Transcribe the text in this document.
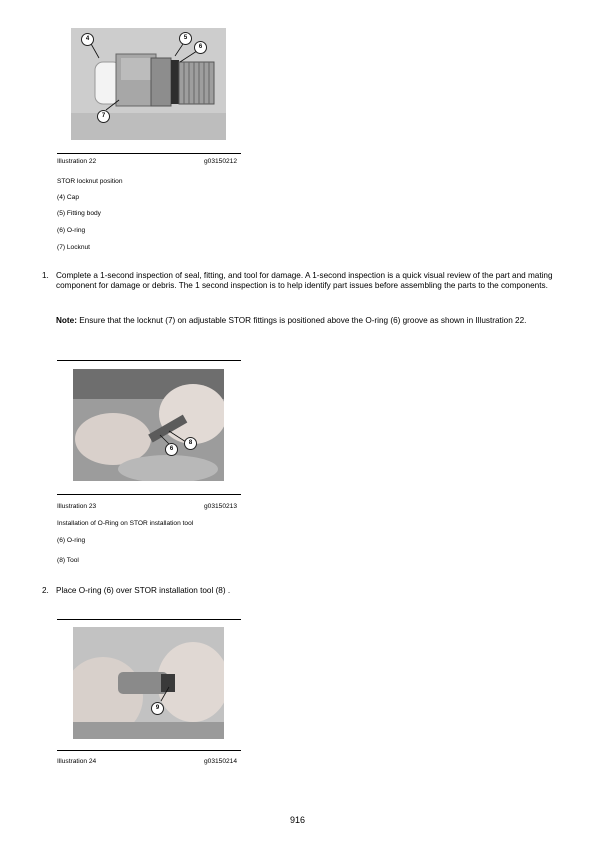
4	5
6
7
Illustration 22	g03150212
STOR locknut position
(4) Cap
(5) Fitting body
(6) O-ring
(7) Locknut
1. Complete a 1-second inspection of seal, fitting, and tool for damage. A 1-second inspection is a quick visual review of the part and mating component for damage or debris. The 1 second inspection is to help identify part issues before assembling the parts to the components.
Note: Ensure that the locknut (7) on adjustable STOR fittings is positioned above the O-ring (6) groove as shown in Illustration 22.
8
6
Illustration 23	g03150213
Installation of O-Ring on STOR installation tool
(6) O-ring
(8) Tool
2. Place O-ring (6) over STOR installation tool (8) .
9
Illustration 24	g03150214
916
